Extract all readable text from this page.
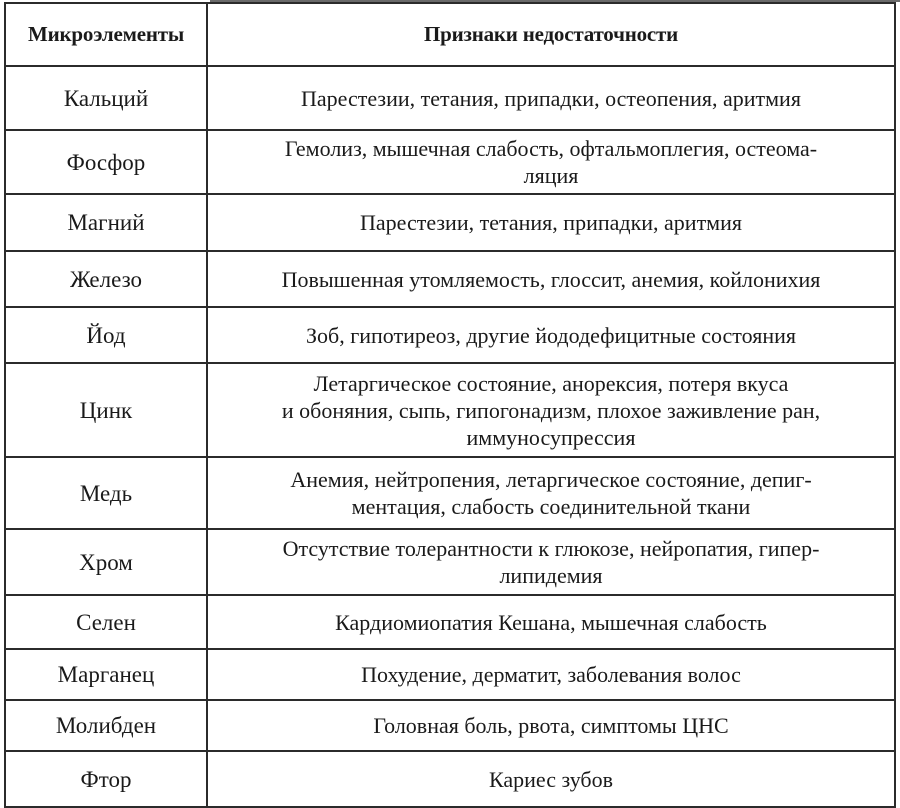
Микроэлементы	Признаки недостаточности
Кальций	Парестезии, тетания, припадки, остеопения, аритмия
Фосфор	Гемолиз, мышечная слабость, офтальмоплегия, остеома-
ляция
Магний	Парестезии, тетания, припадки, аритмия
Железо	Повышенная утомляемость, глоссит, анемия, койлонихия
Йод	Зоб, гипотиреоз, другие йододефицитные состояния
Цинк	Летаргическое состояние, анорексия, потеря вкуса
и обоняния, сыпь, гипогонадизм, плохое заживление ран,
иммуносупрессия
Медь	Анемия, нейтропения, летаргическое состояние, депиг-
ментация, слабость соединительной ткани
Хром	Отсутствие толерантности к глюкозе, нейропатия, гипер-
липидемия
Селен	Кардиомиопатия Кешана, мышечная слабость
Марганец	Похудение, дерматит, заболевания волос
Молибден	Головная боль, рвота, симптомы ЦНС
Фтор	Кариес зубов
